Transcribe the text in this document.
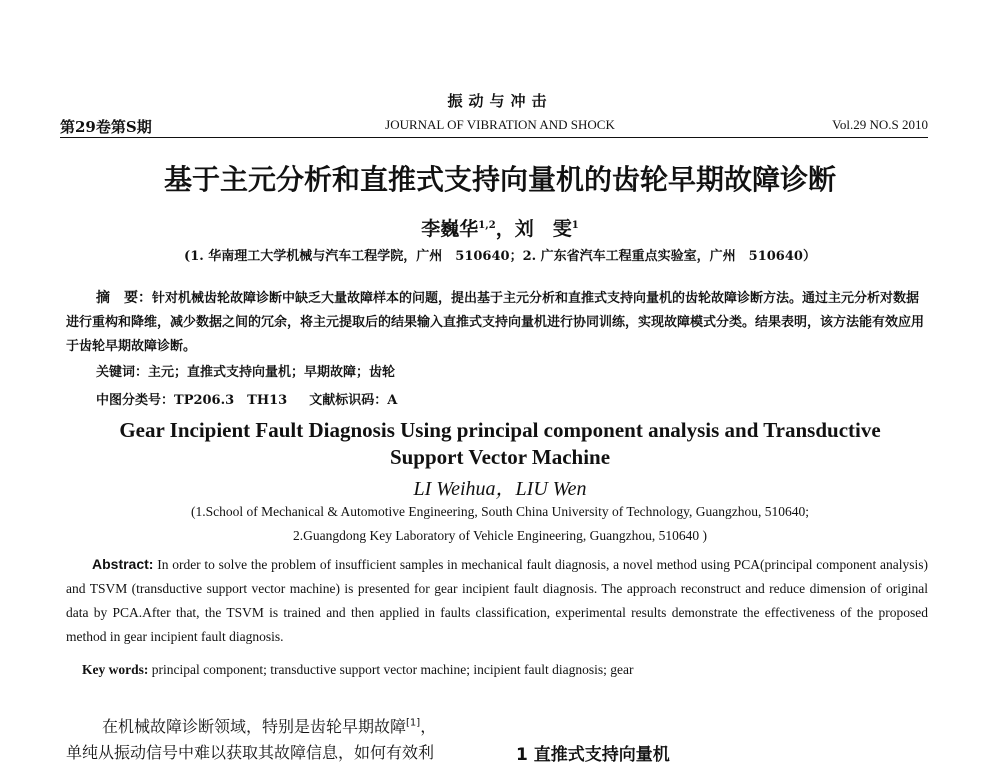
振动与冲击
第29卷第S期	JOURNAL OF VIBRATION AND SHOCK	Vol.29 NO.S 2010
基于主元分析和直推式支持向量机的齿轮早期故障诊断
李巍华$^{1,2}$，刘　雯$^1$
(1. 华南理工大学机械与汽车工程学院，广州　510640；2. 广东省汽车工程重点实验室，广州　510640）
摘　要：针对机械齿轮故障诊断中缺乏大量故障样本的问题，提出基于主元分析和直推式支持向量机的齿轮故障诊断方法。通过主元分析对数据进行重构和降维，减少数据之间的冗余，将主元提取后的结果输入直推式支持向量机进行协同训练，实现故障模式分类。结果表明，该方法能有效应用于齿轮早期故障诊断。
关键词：主元；直推式支持向量机；早期故障；齿轮
中图分类号：TP206.3　TH13 文献标识码：A
Gear Incipient Fault Diagnosis Using principal component analysis and Transductive Support Vector Machine
LI Weihua，LIU Wen
(1.School of Mechanical & Automotive Engineering, South China University of Technology, Guangzhou, 510640;
2.Guangdong Key Laboratory of Vehicle Engineering, Guangzhou, 510640 )
Abstract: In order to solve the problem of insufficient samples in mechanical fault diagnosis, a novel method using PCA(principal component analysis) and TSVM (transductive support vector machine) is presented for gear incipient fault diagnosis. The approach reconstruct and reduce dimension of original data by PCA.After that, the TSVM is trained and then applied in faults classification, experimental results demonstrate the effectiveness of the proposed method in gear incipient fault diagnosis.
Key words: principal component; transductive support vector machine; incipient fault diagnosis; gear
在机械故障诊断领域，特别是齿轮早期故障[1]，
单纯从振动信号中难以获取其故障信息，如何有效利	1 直推式支持向量机
